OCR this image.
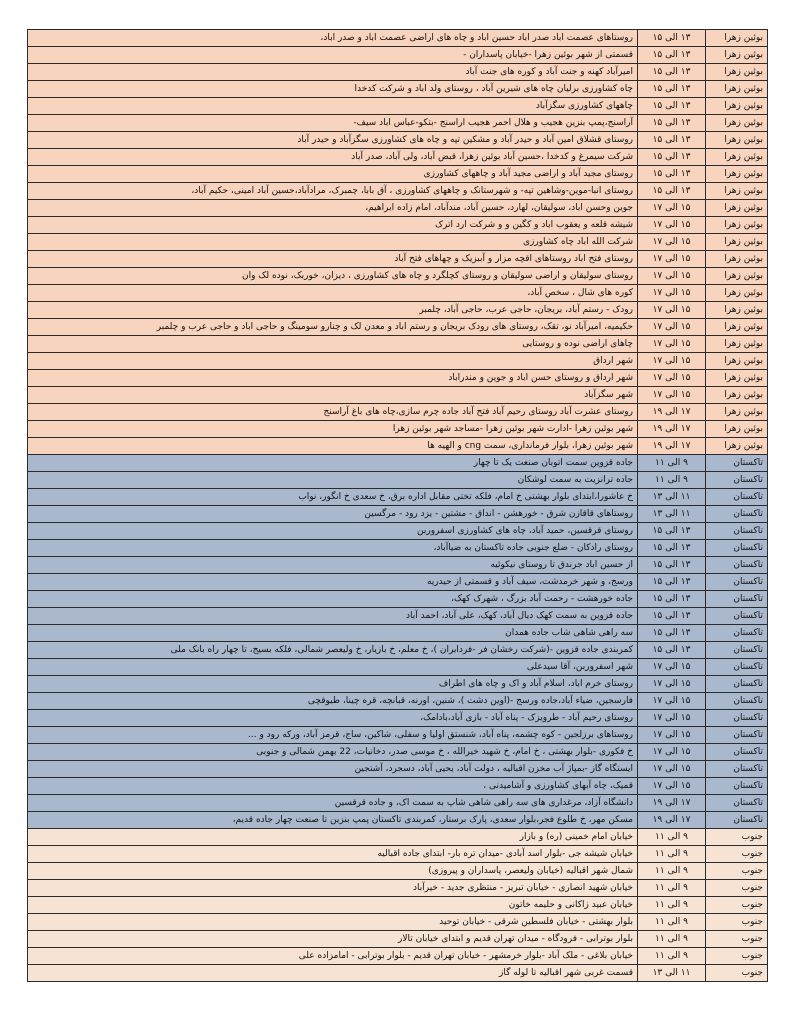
بوئین زهرا	۱۳ الی ۱۵	روستاهای عصمت اباد صدر اباد حسین اباد و چاه های اراضی عصمت اباد و صدر اباد،
بوئین زهرا	۱۳ الی ۱۵	قسمتی از شهر بوئین زهرا -خیابان پاسداران -
بوئین زهرا	۱۳ الی ۱۵	امیرآباد کهنه و جنت آباد و کوره های جنت آباد
بوئین زهرا	۱۳ الی ۱۵	چاه کشاورزی برلیان چاه های شیرین آباد ، روستای ولد اباد و شرکت کدخدا
بوئین زهرا	۱۳ الی ۱۵	چاههای کشاورزی سگزآباد
بوئین زهرا	۱۳ الی ۱۵	آراسنج،پمپ بنزین هجیب و هلال احمر هجیب اراسنج -بتکو-عباس اباد سیف-
بوئین زهرا	۱۳ الی ۱۵	روستای قشلاق امین آباد و حیدر آباد و مشکین تپه و چاه های کشاورزی سگزآباد و حیدر آباد
بوئین زهرا	۱۳ الی ۱۵	شرکت سیمرغ و کدخدا ،حسین آباد بوئین زهرا، قبض آباد، ولی آباد، صدر آباد
بوئین زهرا	۱۳ الی ۱۵	روستای مجید آباد و اراضی مجید آباد و چاههای کشاورزی
بوئین زهرا	۱۳ الی ۱۵	روستای انبا-موین-وشاهین تپه- و شهرستانک و چاههای کشاورزی ، آق بابا، چمبرک، مرادآباد،حسین آباد امینی، حکیم آباد،
بوئین زهرا	۱۵ الی ۱۷	جوین وحسن اباد، سولیقان، لهارد، حسین آباد، مندآباد، امام زاده ابراهیم،
بوئین زهرا	۱۵ الی ۱۷	شیشه قلعه و یعقوب اباد و کگین و و شرکت ارد اترک
بوئین زهرا	۱۵ الی ۱۷	شرکت الله اباد چاه کشاورزی
بوئین زهرا	۱۵ الی ۱۷	روستای فتح اباد روستاهای اقچه مزار و آببزیک و چهاهای فتح آباد
بوئین زهرا	۱۵ الی ۱۷	روستای سولیقان و اراضی سولیقان و روستای کچلگرد و چاه های کشاورزی ، دیزان، خوربک، نوده لک وان
بوئین زهرا	۱۵ الی ۱۷	کوره های شال ، سخص آباد،
بوئین زهرا	۱۵ الی ۱۷	رودک - رستم آباد، بریجان، حاجی عرب، حاجی آباد، چلمبر
بوئین زهرا	۱۵ الی ۱۷	حکیمیه، امیرآباد نو، تقک، روستای های رودک بریجان و رستم اباد و معدن لک و چنارو سومینگ و حاجی اباد و حاجی عرب و چلمبر
بوئین زهرا	۱۵ الی ۱۷	چاهای اراضی نوده و روستایی
بوئین زهرا	۱۵ الی ۱۷	شهر ارداق
بوئین زهرا	۱۵ الی ۱۷	شهر ارداق و روستای حسن اباد و جوین و مندراباد
بوئین زهرا	۱۵ الی ۱۷	شهر سگزآباد
بوئین زهرا	۱۷ الی ۱۹	روستای عشرت آباد روستای رحیم آباد فتح آباد جاده چرم سازی،چاه های باغ آراسنج
بوئین زهرا	۱۷ الی ۱۹	شهر بوئین زهرا -ادارت شهر بوئین زهرا -مساجد شهر بوئین زهرا
بوئین زهرا	۱۷ الی ۱۹	شهر بوئین زهرا، بلوار فرمانداری، سمت cng و الهیه ها
تاکستان	۹ الی ۱۱	جاده قزوین سمت اتوبان صنعت یک تا چهار
تاکستان	۹ الی ۱۱	جاده ترانزیت به سمت لوشکان
تاکستان	۱۱ الی ۱۳	خ عاشورا،ابتدای بلوار بهشتی خ امام، فلکه تختی مقابل اداره برق، خ سعدی خ انگور، نواب
تاکستان	۱۱ الی ۱۳	روستاهای قاقازن شرق - خورهشن - انداق - مشتین - یزد رود - مرگسین
تاکستان	۱۳ الی ۱۵	روستای قرقسین، حمید آباد، چاه های کشاورزی اسفروربن
تاکستان	۱۳ الی ۱۵	روستای رادکان - ضلع جنوبی جاده تاکستان به ضیاآباد،
تاکستان	۱۳ الی ۱۵	از حسین اباد جرندق تا روستای نیکوئیه
تاکستان	۱۳ الی ۱۵	ورسج، و شهر خرمدشت، سیف آباد و قسمتی از حیدریه
تاکستان	۱۳ الی ۱۵	جاده خورهشت - رحمت آباد بزرگ ، شهرک کهک،
تاکستان	۱۳ الی ۱۵	جاده قزوین به سمت کهک دیال آباد، کهک، علی آباد، احمد آباد
تاکستان	۱۳ الی ۱۵	سه راهی شاهی شاب جاده همدان
تاکستان	۱۳ الی ۱۵	کمربندی جاده قزوین -(شرکت رخشان فر -فردابران )، خ معلم، خ بازیار، خ ولیعصر شمالی، فلکه بسیج، تا چهار راه بانک ملی
تاکستان	۱۵ الی ۱۷	شهر اسفروربن، آقا سیدعلی
تاکستان	۱۵ الی ۱۷	روستای خرم اباد، اسلام آباد و اک و چاه های اطراف
تاکستان	۱۵ الی ۱۷	فارسجین، ضیاء آباد،جاده ورسج -(اوین دشت )، شنین، اورنه، قبانچه، قره چینا، طیوقچی
تاکستان	۱۵ الی ۱۷	روستای رحیم آباد - طرویزک - پناه آباد - بازی آباد،بادامک،
تاکستان	۱۵ الی ۱۷	روستاهای برزلجین - کوه چشمه، پناه آباد، شنستق اولیا و سفلی، شاکین، ساج، قرمز آباد، ورکه رود و ...
تاکستان	۱۵ الی ۱۷	خ فکوری -بلوار بهشتی ، خ امام، خ شهید خیرالله ، خ موسی صدر، دخانیات، 22 بهمن شمالی و جنوبی
تاکستان	۱۵ الی ۱۷	ایستگاه گاز -بمپاژ آب مخزن اقبالیه ، دولت آباد، یحیی آباد، دسجرد، آشتجین
تاکستان	۱۵ الی ۱۷	قمیک، چاه آبهای کشاورزی و آشامیدنی ،
تاکستان	۱۷ الی ۱۹	دانشگاه آزاد، مرغداری های سه راهی شاهی شاپ به سمت اک، و جاده قرقسین
تاکستان	۱۷ الی ۱۹	مسکن مهر، خ طلوع فجر،بلوار سعدی، پارک برستار، کمربندی تاکستان پمپ بنزین تا صنعت چهار جاده قدیم،
جنوب	۹ الی ۱۱	خیابان امام خمینی (ره) و بازار
جنوب	۹ الی ۱۱	خیابان شیشه جی -بلوار اسد آبادی -میدان تره بار- ابتدای جاده اقبالیه
جنوب	۹ الی ۱۱	شمال شهر اقبالیه (خیابان ولیعصر، پاسداران و پیروزی)
جنوب	۹ الی ۱۱	خیابان شهید انصاری - خیابان تبریز - منتظری جدید - خیرآباد
جنوب	۹ الی ۱۱	خیابان عبید زاکانی و حلیمه خاتون
جنوب	۹ الی ۱۱	بلوار بهشتی - خیابان فلسطین شرقی - خیابان توحید
جنوب	۹ الی ۱۱	بلوار بوترابی - فرودگاه - میدان تهران قدیم و ابتدای خیابان تالار
جنوب	۹ الی ۱۱	خیابان بلاغی - ملک آباد -بلوار خرمشهر - خیابان تهران قدیم - بلوار بوترابی - امامزاده علی
جنوب	۱۱ الی ۱۳	قسمت غربی شهر اقبالیه تا لوله گاز
